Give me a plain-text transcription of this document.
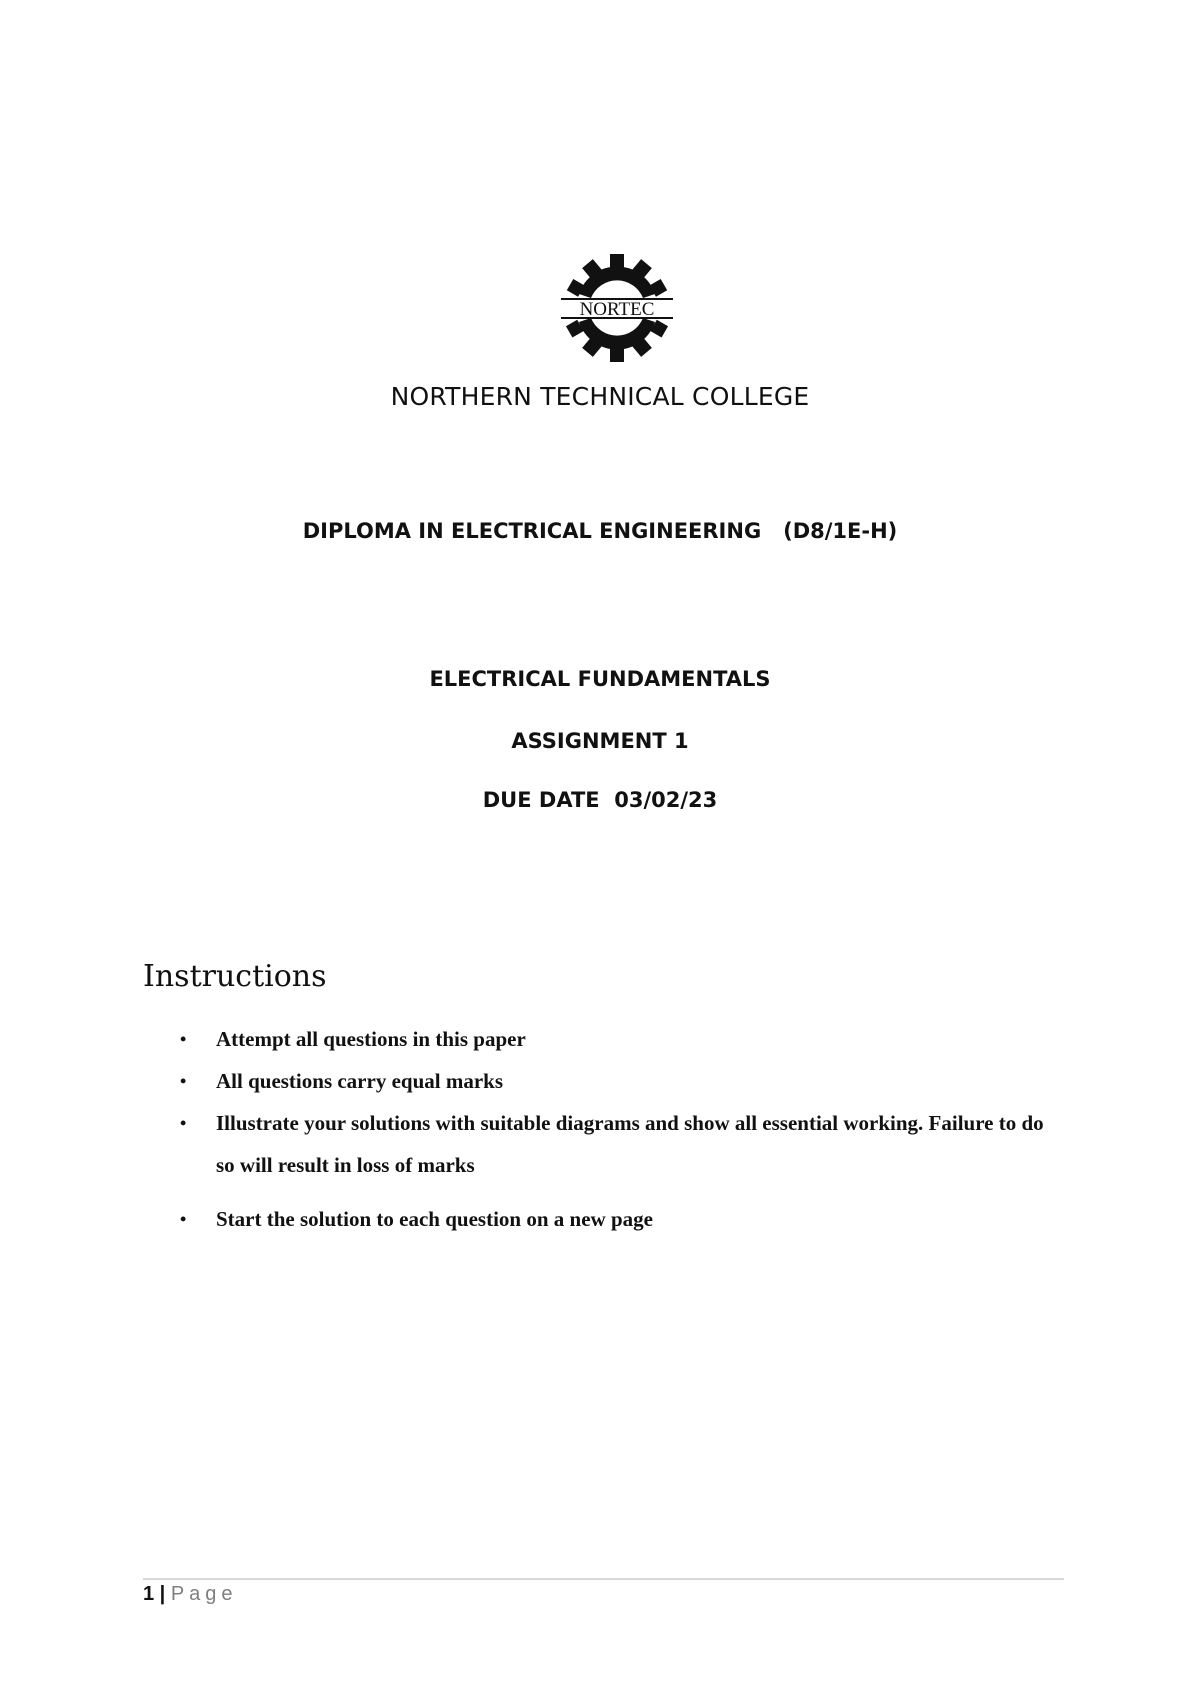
NORTEC
NORTHERN TECHNICAL COLLEGE
DIPLOMA IN ELECTRICAL ENGINEERING   (D8/1E-H)
ELECTRICAL FUNDAMENTALS
ASSIGNMENT 1
DUE DATE  03/02/23
Instructions
• Attempt all questions in this paper
• All questions carry equal marks
• Illustrate your solutions with suitable diagrams and show all essential working. Failure to do so will result in loss of marks
• Start the solution to each question on a new page
1 | Page
